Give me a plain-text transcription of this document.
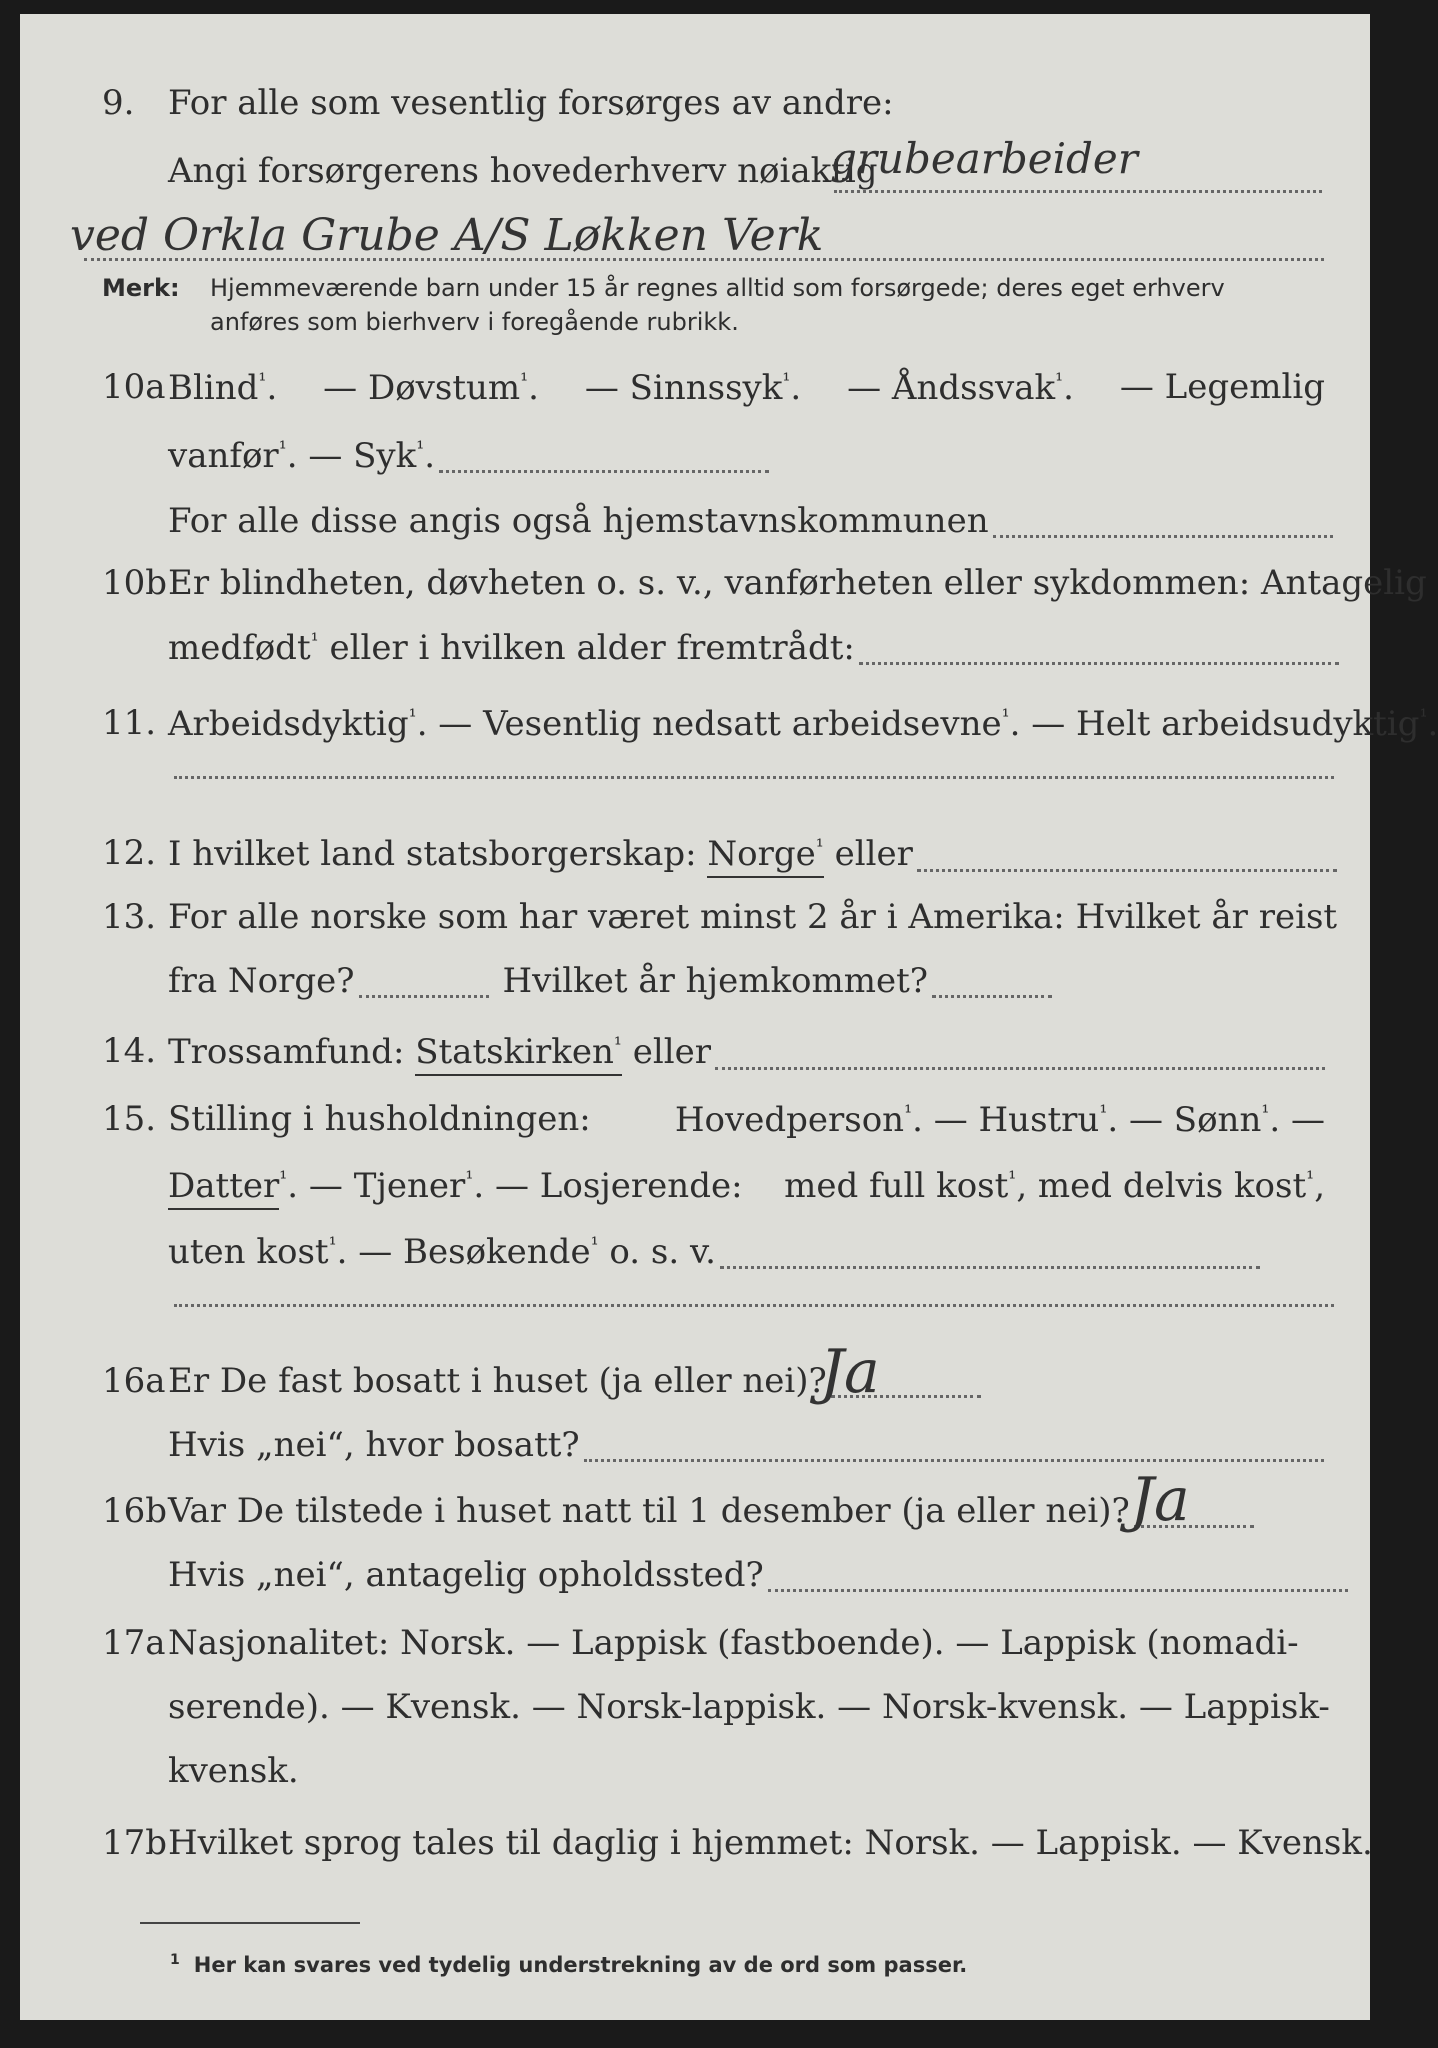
9. For alle som vesentlig forsørges av andre:
Angi forsørgerens hovederhverv nøiaktig
grubearbeider
ved Orkla Grube A/S Løkken Verk
Merk: Hjemmeværende barn under 15 år regnes alltid som forsørgede; deres eget erhverv
anføres som bierhverv i foregående rubrikk.
10a Blind$^{^1}$. — Døvstum$^{^1}$. — Sinnssyk$^{^1}$. — Åndssvak$^{^1}$. — Legemlig
vanfør$^{^1}$. — Syk$^{^1}$.
For alle disse angis også hjemstavnskommunen
10b Er blindheten, døvheten o. s. v., vanførheten eller sykdommen: Antagelig
medfødt$^{^1}$ eller i hvilken alder fremtrådt:
11. Arbeidsdyktig$^{^1}$. — Vesentlig nedsatt arbeidsevne$^{^1}$. — Helt arbeidsudyktig$^{^1}$.
12. I hvilket land statsborgerskap: Norge$^{^1}$ eller
13. For alle norske som har været minst 2 år i Amerika: Hvilket år reist
fra Norge?	Hvilket år hjemkommet?
14. Trossamfund: Statskirken$^{^1}$ eller
15. Stilling i husholdningen: Hovedperson$^{^1}$. — Hustru$^{^1}$. — Sønn$^{^1}$. —
Datter$^{^1}$. — Tjener$^{^1}$. — Losjerende: med full kost$^{^1}$, med delvis kost$^{^1}$,
uten kost$^{^1}$. — Besøkende$^{^1}$ o. s. v.
16a Er De fast bosatt i huset (ja eller nei)?
Ja
Hvis „nei“, hvor bosatt?
16b Var De tilstede i huset natt til 1 desember (ja eller nei)? Ja
Hvis „nei“, antagelig opholdssted?
17a Nasjonalitet: Norsk. — Lappisk (fastboende). — Lappisk (nomadi-
serende). — Kvensk. — Norsk-lappisk. — Norsk-kvensk. — Lappisk-
kvensk.
17b Hvilket sprog tales til daglig i hjemmet: Norsk. — Lappisk. — Kvensk.
$^1$ Her kan svares ved tydelig understrekning av de ord som passer.
